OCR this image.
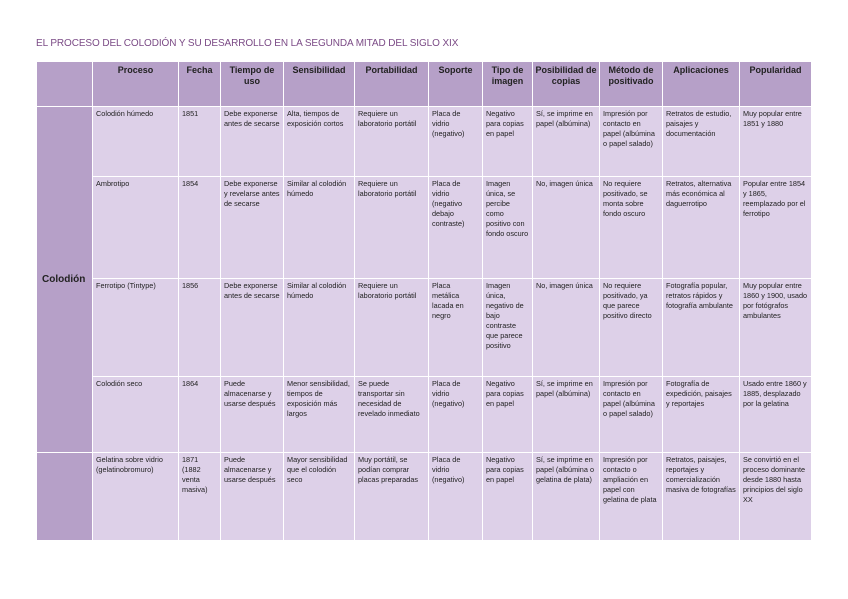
EL PROCESO DEL COLODIÓN Y SU DESARROLLO EN LA SEGUNDA MITAD DEL SIGLO XIX
	Proceso	Fecha	Tiempo de uso	Sensibilidad	Portabilidad	Soporte	Tipo de imagen	Posibilidad de copias	Método de positivado	Aplicaciones	Popularidad
Colodión	Colodión húmedo	1851	Debe exponerse antes de secarse	Alta, tiempos de exposición cortos	Requiere un laboratorio portátil	Placa de vidrio (negativo)	Negativo para copias en papel	Sí, se imprime en papel (albúmina)	Impresión por contacto en papel (albúmina o papel salado)	Retratos de estudio, paisajes y documentación	Muy popular entre 1851 y 1880
	Ambrotipo	1854	Debe exponerse y revelarse antes de secarse	Similar al colodión húmedo	Requiere un laboratorio portátil	Placa de vidrio (negativo debajo contraste)	Imagen única, se percibe como positivo con fondo oscuro	No, imagen única	No requiere positivado, se monta sobre fondo oscuro	Retratos, alternativa más económica al daguerrotipo	Popular entre 1854 y 1865, reemplazado por el ferrotipo
	Ferrotipo (Tintype)	1856	Debe exponerse antes de secarse	Similar al colodión húmedo	Requiere un laboratorio portátil	Placa metálica lacada en negro	Imagen única, negativo de bajo contraste que parece positivo	No, imagen única	No requiere positivado, ya que parece positivo directo	Fotografía popular, retratos rápidos y fotografía ambulante	Muy popular entre 1860 y 1900, usado por fotógrafos ambulantes
	Colodión seco	1864	Puede almacenarse y usarse después	Menor sensibilidad, tiempos de exposición más largos	Se puede transportar sin necesidad de revelado inmediato	Placa de vidrio (negativo)	Negativo para copias en papel	Sí, se imprime en papel (albúmina)	Impresión por contacto en papel (albúmina o papel salado)	Fotografía de expedición, paisajes y reportajes	Usado entre 1860 y 1885, desplazado por la gelatina
	Gelatina sobre vidrio (gelatinobromuro)	1871 (1882 venta masiva)	Puede almacenarse y usarse después	Mayor sensibilidad que el colodión seco	Muy portátil, se podían comprar placas preparadas	Placa de vidrio (negativo)	Negativo para copias en papel	Sí, se imprime en papel (albúmina o gelatina de plata)	Impresión por contacto o ampliación en papel con gelatina de plata	Retratos, paisajes, reportajes y comercialización masiva de fotografías	Se convirtió en el proceso dominante desde 1880 hasta principios del siglo XX
